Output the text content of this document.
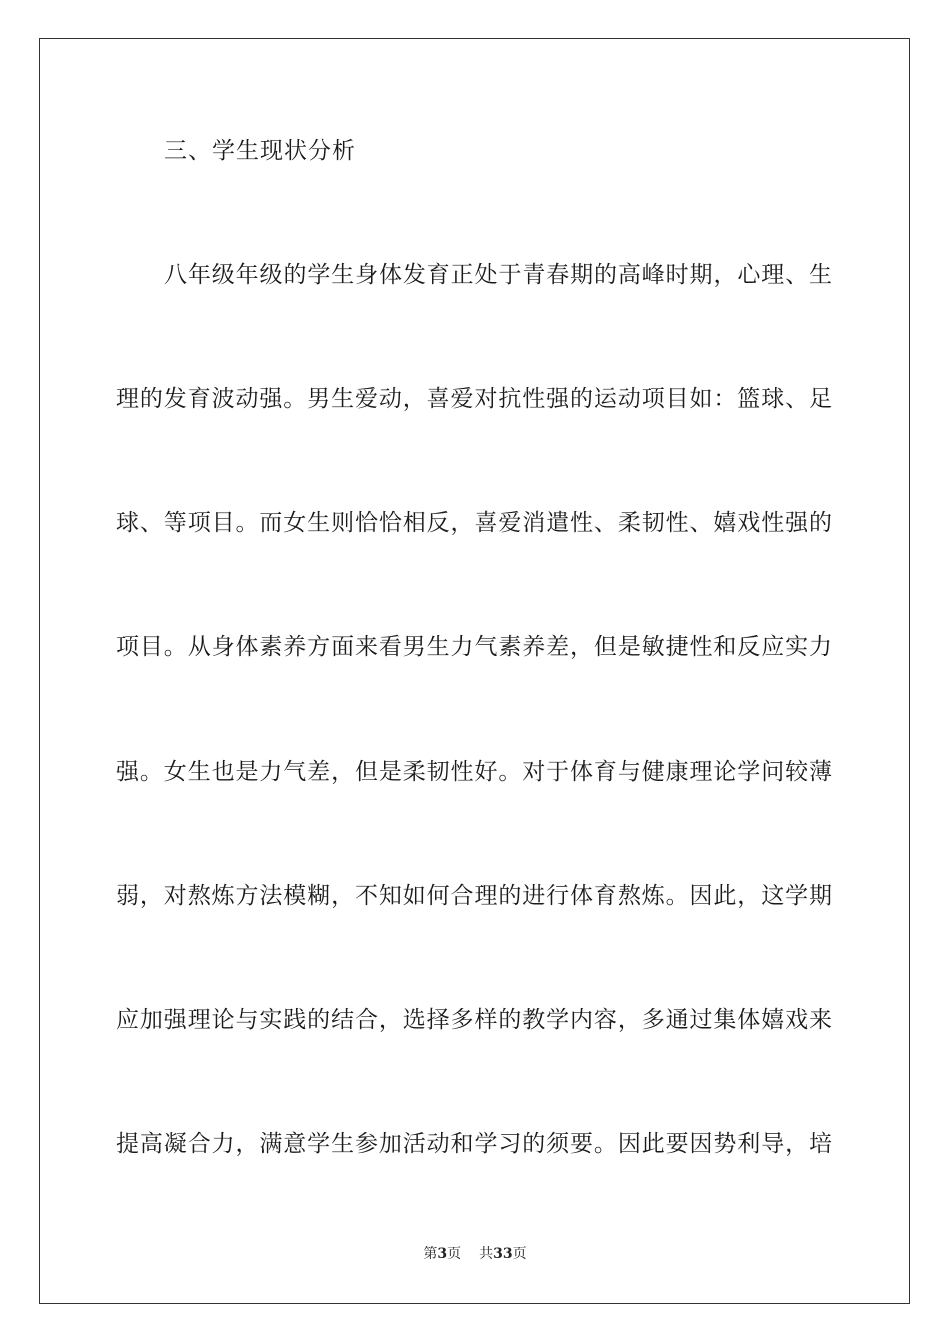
三、学生现状分析
八年级年级的学生身体发育正处于青春期的高峰时期，心理、生
理的发育波动强。男生爱动，喜爱对抗性强的运动项目如：篮球、足
球、等项目。而女生则恰恰相反，喜爱消遣性、柔韧性、嬉戏性强的
项目。从身体素养方面来看男生力气素养差，但是敏捷性和反应实力
强。女生也是力气差，但是柔韧性好。对于体育与健康理论学问较薄
弱，对熬炼方法模糊，不知如何合理的进行体育熬炼。因此，这学期
应加强理论与实践的结合，选择多样的教学内容，多通过集体嬉戏来
提高凝合力，满意学生参加活动和学习的须要。因此要因势利导，培
第3页 共33页
